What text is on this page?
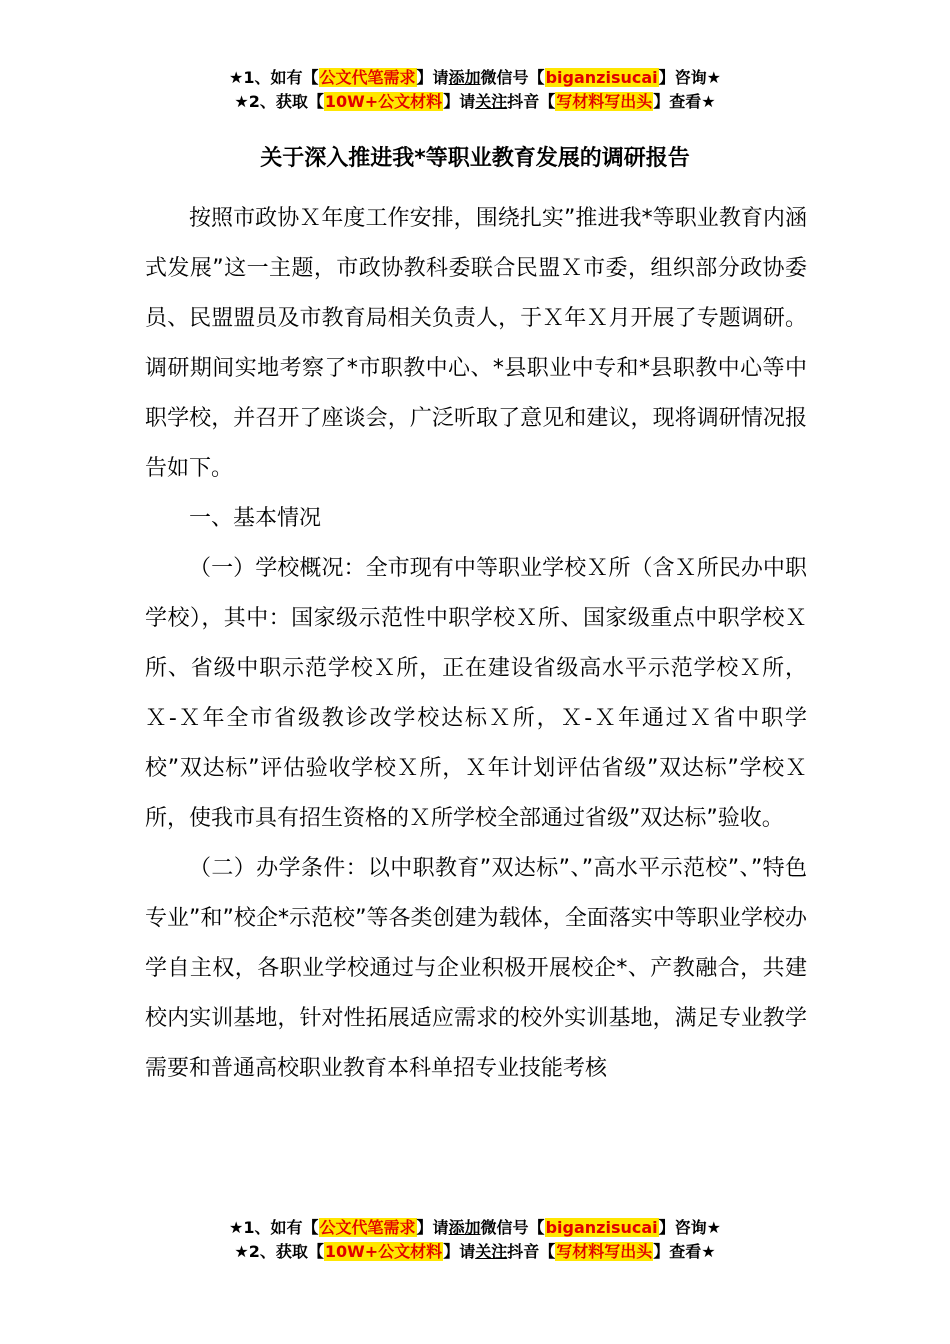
★1、如有【公文代笔需求】请添加微信号【biganzisucai】咨询★
★2、获取【10W+公文材料】请关注抖音【写材料写出头】查看★
关于深入推进我*等职业教育发展的调研报告

按照市政协Ｘ年度工作安排，围绕扎实”推进我*等职业教育内涵式发展”这一主题，市政协教科委联合民盟Ｘ市委，组织部分政协委员、民盟盟员及市教育局相关负责人，于Ｘ年Ｘ月开展了专题调研。调研期间实地考察了*市职教中心、*县职业中专和*县职教中心等中职学校，并召开了座谈会，广泛听取了意见和建议，现将调研情况报告如下。

一、基本情况

（一）学校概况：全市现有中等职业学校Ｘ所（含Ｘ所民办中职学校），其中：国家级示范性中职学校Ｘ所、国家级重点中职学校Ｘ所、省级中职示范学校Ｘ所，正在建设省级高水平示范学校Ｘ所，Ｘ-Ｘ年全市省级教诊改学校达标Ｘ所，Ｘ-Ｘ年通过Ｘ省中职学校”双达标”评估验收学校Ｘ所，Ｘ年计划评估省级”双达标”学校Ｘ所，使我市具有招生资格的Ｘ所学校全部通过省级”双达标”验收。

（二）办学条件：以中职教育”双达标”、”高水平示范校”、”特色专业”和”校企*示范校”等各类创建为载体，全面落实中等职业学校办学自主权，各职业学校通过与企业积极开展校企*、产教融合，共建校内实训基地，针对性拓展适应需求的校外实训基地，满足专业教学需要和普通高校职业教育本科单招专业技能考核

★1、如有【公文代笔需求】请添加微信号【biganzisucai】咨询★
★2、获取【10W+公文材料】请关注抖音【写材料写出头】查看★
